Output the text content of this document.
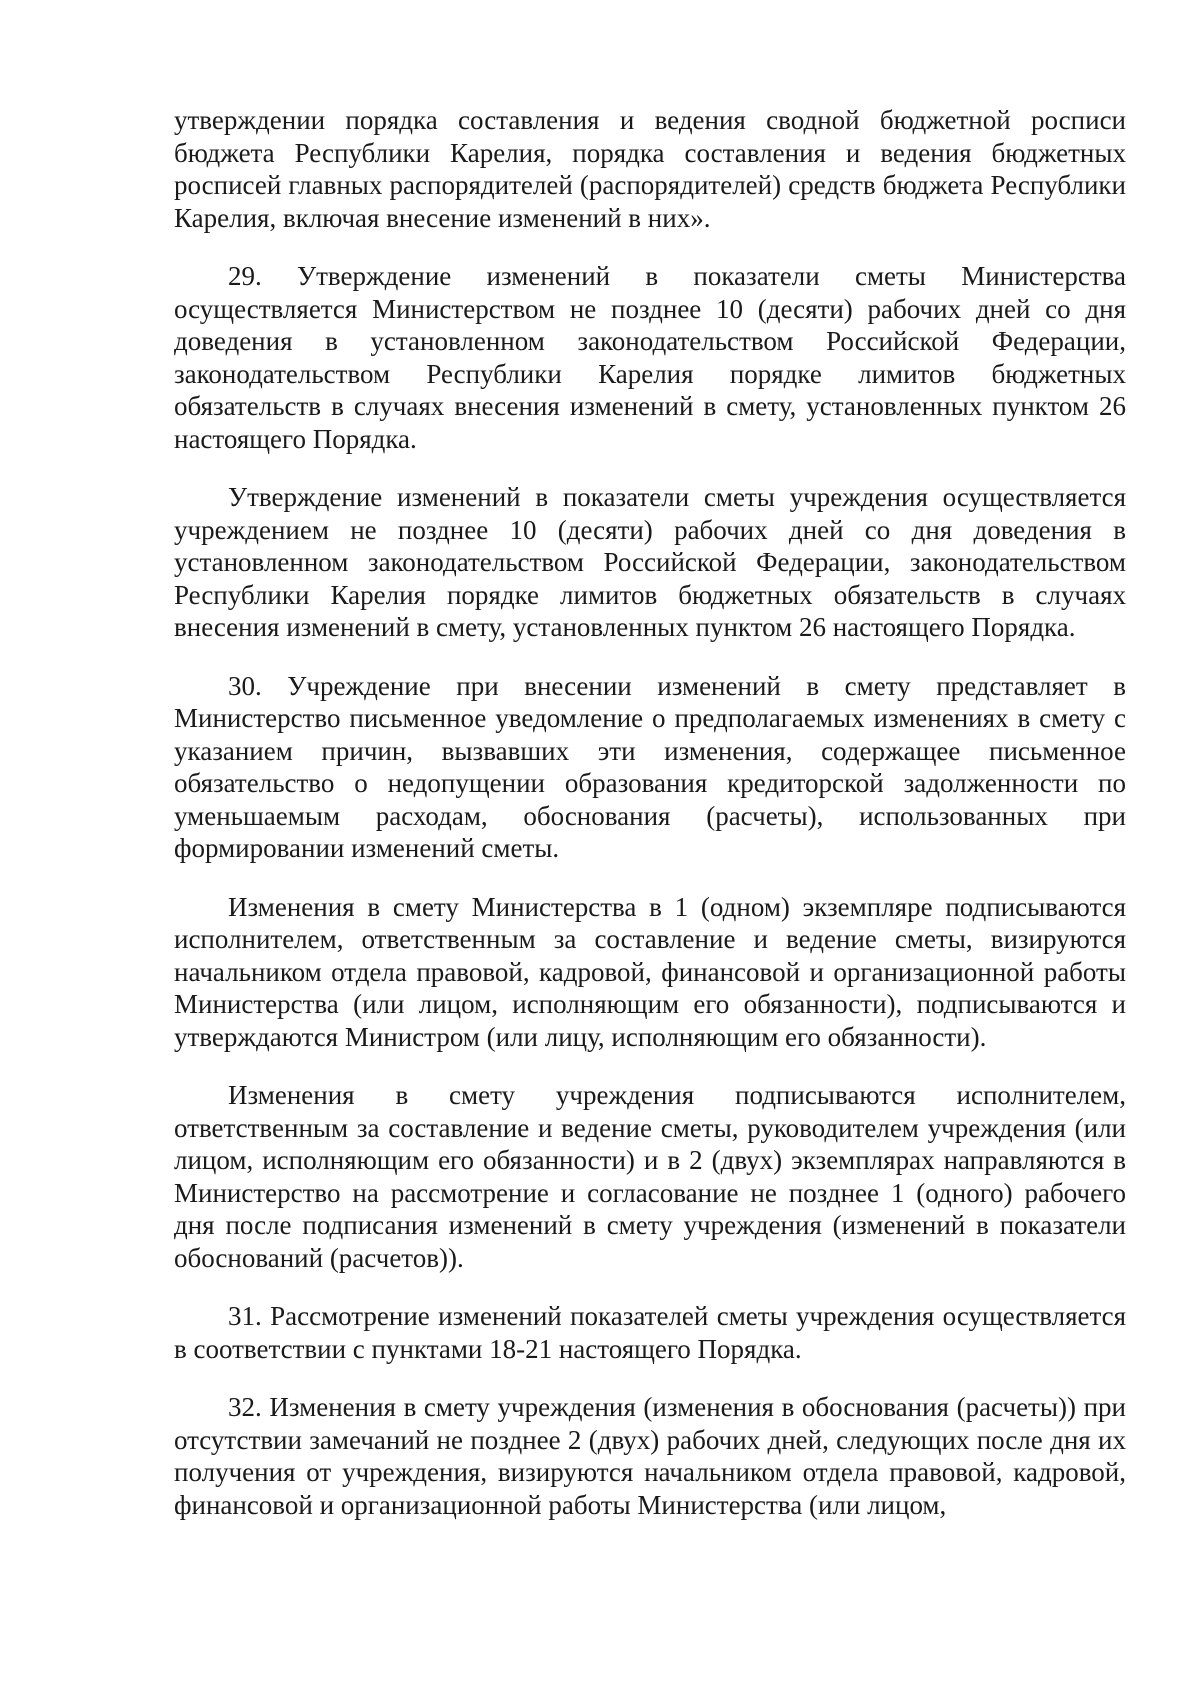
утверждении порядка составления и ведения сводной бюджетной росписи бюджета Республики Карелия, порядка составления и ведения бюджетных росписей главных распорядителей (распорядителей) средств бюджета Республики Карелия, включая внесение изменений в них».

29. Утверждение изменений в показатели сметы Министерства осуществляется Министерством не позднее 10 (десяти) рабочих дней со дня доведения в установленном законодательством Российской Федерации, законодательством Республики Карелия порядке лимитов бюджетных обязательств в случаях внесения изменений в смету, установленных пунктом 26 настоящего Порядка.

Утверждение изменений в показатели сметы учреждения осуществляется учреждением не позднее 10 (десяти) рабочих дней со дня доведения в установленном законодательством Российской Федерации, законодательством Республики Карелия порядке лимитов бюджетных обязательств в случаях внесения изменений в смету, установленных пунктом 26 настоящего Порядка.

30. Учреждение при внесении изменений в смету представляет в Министерство письменное уведомление о предполагаемых изменениях в смету с указанием причин, вызвавших эти изменения, содержащее письменное обязательство о недопущении образования кредиторской задолженности по уменьшаемым расходам, обоснования (расчеты), использованных при формировании изменений сметы.

Изменения в смету Министерства в 1 (одном) экземпляре подписываются исполнителем, ответственным за составление и ведение сметы, визируются начальником отдела правовой, кадровой, финансовой и организационной работы Министерства (или лицом, исполняющим его обязанности), подписываются и утверждаются Министром (или лицу, исполняющим его обязанности).

Изменения в смету учреждения подписываются исполнителем, ответственным за составление и ведение сметы, руководителем учреждения (или лицом, исполняющим его обязанности) и в 2 (двух) экземплярах направляются в Министерство на рассмотрение и согласование не позднее 1 (одного) рабочего дня после подписания изменений в смету учреждения (изменений в показатели обоснований (расчетов)).

31. Рассмотрение изменений показателей сметы учреждения осуществляется в соответствии с пунктами 18-21 настоящего Порядка.

32. Изменения в смету учреждения (изменения в обоснования (расчеты)) при отсутствии замечаний не позднее 2 (двух) рабочих дней, следующих после дня их получения от учреждения, визируются начальником отдела правовой, кадровой, финансовой и организационной работы Министерства (или лицом,
